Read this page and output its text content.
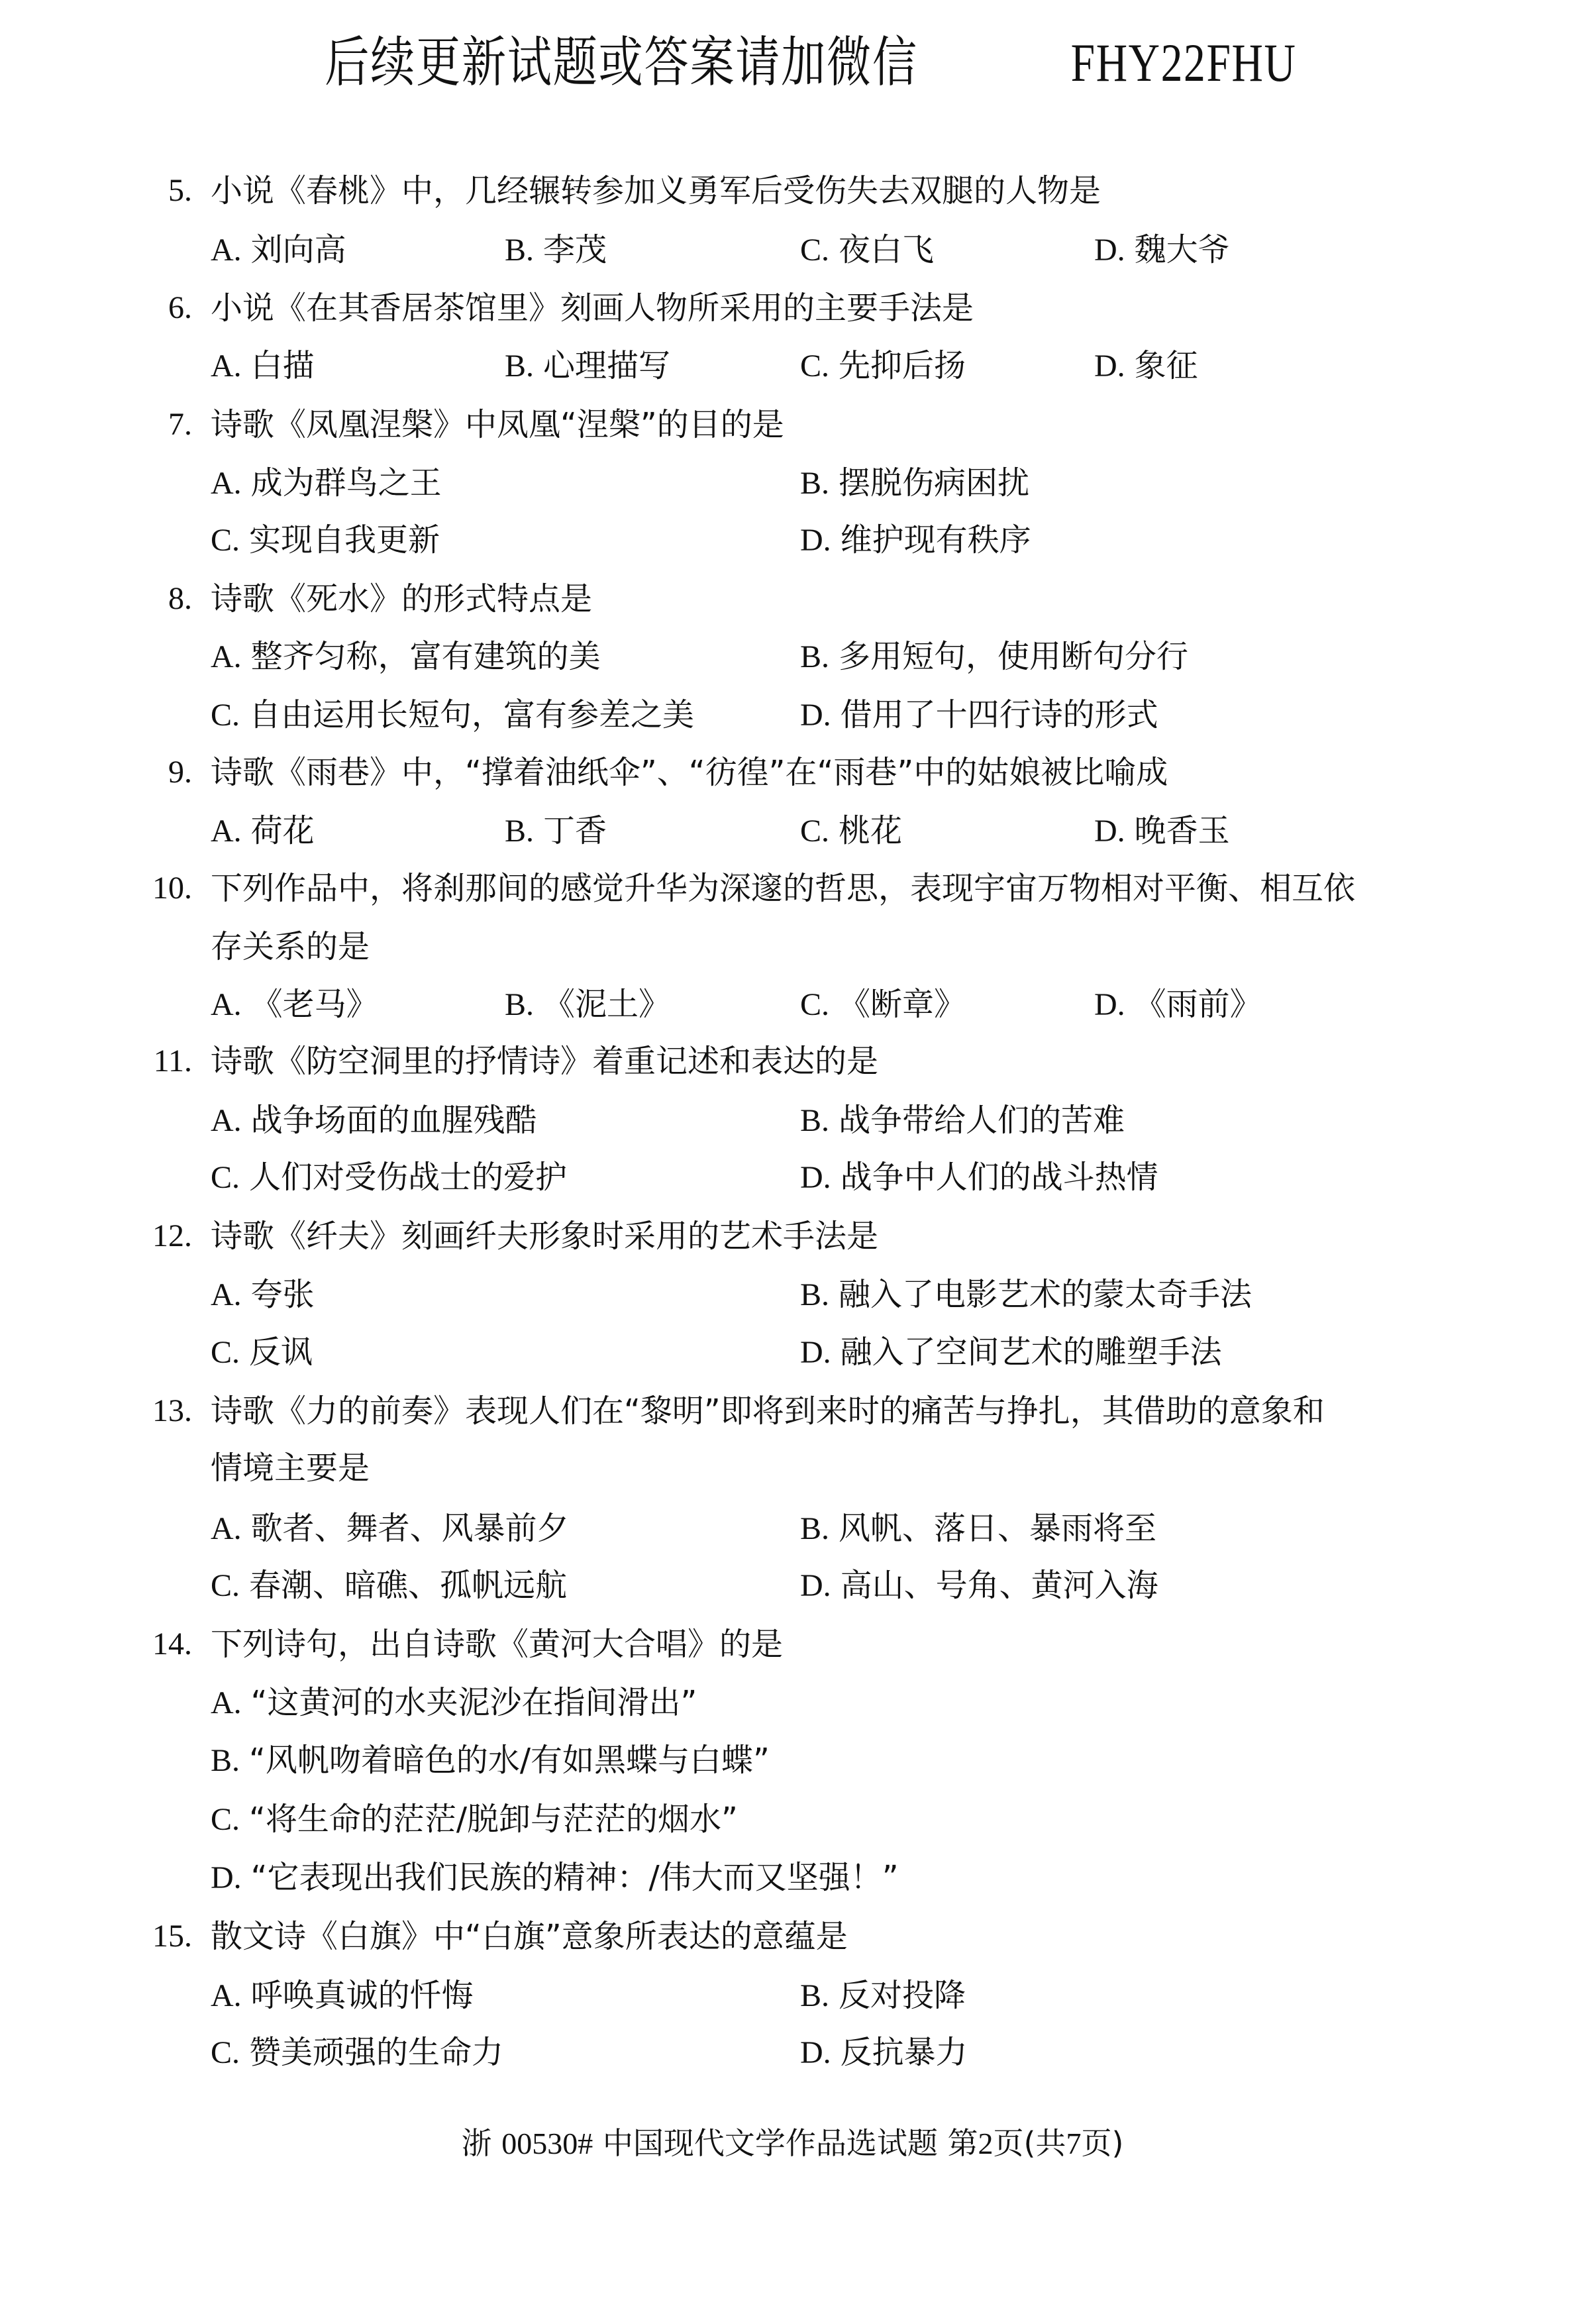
后续更新试题或答案请加微信	FHY22FHU
5. 小说《春桃》中，几经辗转参加义勇军后受伤失去双腿的人物是
A. 刘向高	B. 李茂	C. 夜白飞	D. 魏大爷
6. 小说《在其香居茶馆里》刻画人物所采用的主要手法是
A. 白描	B. 心理描写	C. 先抑后扬	D. 象征
7. 诗歌《凤凰涅槃》中凤凰“涅槃”的目的是
A. 成为群鸟之王	B. 摆脱伤病困扰
C. 实现自我更新	D. 维护现有秩序
8. 诗歌《死水》的形式特点是
A. 整齐匀称，富有建筑的美	B. 多用短句，使用断句分行
C. 自由运用长短句，富有参差之美	D. 借用了十四行诗的形式
9. 诗歌《雨巷》中，“撑着油纸伞”、“彷徨”在“雨巷”中的姑娘被比喻成
A. 荷花	B. 丁香	C. 桃花	D. 晚香玉
10. 下列作品中，将刹那间的感觉升华为深邃的哲思，表现宇宙万物相对平衡、相互依
存关系的是
A. 《老马》	B. 《泥土》	C. 《断章》	D. 《雨前》
11. 诗歌《防空洞里的抒情诗》着重记述和表达的是
A. 战争场面的血腥残酷	B. 战争带给人们的苦难
C. 人们对受伤战士的爱护	D. 战争中人们的战斗热情
12. 诗歌《纤夫》刻画纤夫形象时采用的艺术手法是
A. 夸张	B. 融入了电影艺术的蒙太奇手法
C. 反讽	D. 融入了空间艺术的雕塑手法
13. 诗歌《力的前奏》表现人们在“黎明”即将到来时的痛苦与挣扎，其借助的意象和
情境主要是
A. 歌者、舞者、风暴前夕	B. 风帆、落日、暴雨将至
C. 春潮、暗礁、孤帆远航	D. 高山、号角、黄河入海
14. 下列诗句，出自诗歌《黄河大合唱》的是
A. “这黄河的水夹泥沙在指间滑出”
B. “风帆吻着暗色的水/有如黑蝶与白蝶”
C. “将生命的茫茫/脱卸与茫茫的烟水”
D. “它表现出我们民族的精神：/伟大而又坚强！”
15. 散文诗《白旗》中“白旗”意象所表达的意蕴是
A. 呼唤真诚的忏悔	B. 反对投降
C. 赞美顽强的生命力	D. 反抗暴力
浙 00530# 中国现代文学作品选试题 第2页(共7页)
